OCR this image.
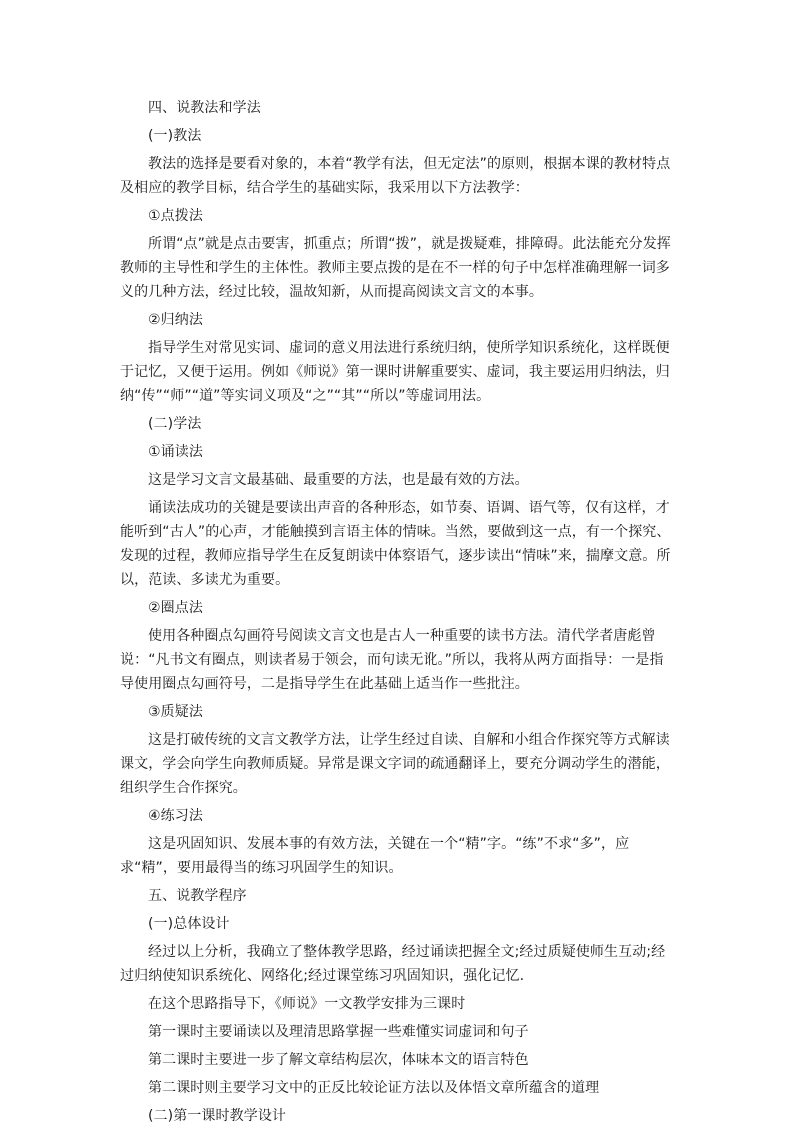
四、说教法和学法

(一)教法

教法的选择是要看对象的，本着“教学有法，但无定法”的原则，根据本课的教材特点及相应的教学目标，结合学生的基础实际，我采用以下方法教学：

①点拨法

所谓“点”就是点击要害，抓重点；所谓“拨”，就是拨疑难，排障碍。此法能充分发挥教师的主导性和学生的主体性。教师主要点拨的是在不一样的句子中怎样准确理解一词多义的几种方法，经过比较，温故知新，从而提高阅读文言文的本事。

②归纳法

指导学生对常见实词、虚词的意义用法进行系统归纳，使所学知识系统化，这样既便于记忆，又便于运用。例如《师说》第一课时讲解重要实、虚词，我主要运用归纳法，归纳“传”“师”“道”等实词义项及“之”“其”“所以”等虚词用法。

(二)学法

①诵读法

这是学习文言文最基础、最重要的方法，也是最有效的方法。

诵读法成功的关键是要读出声音的各种形态，如节奏、语调、语气等，仅有这样，才能听到“古人”的心声，才能触摸到言语主体的情味。当然，要做到这一点，有一个探究、发现的过程，教师应指导学生在反复朗读中体察语气，逐步读出“情味”来，揣摩文意。所以，范读、多读尤为重要。

②圈点法

使用各种圈点勾画符号阅读文言文也是古人一种重要的读书方法。清代学者唐彪曾说：“凡书文有圈点，则读者易于领会，而句读无讹。”所以，我将从两方面指导：一是指导使用圈点勾画符号，二是指导学生在此基础上适当作一些批注。

③质疑法

这是打破传统的文言文教学方法，让学生经过自读、自解和小组合作探究等方式解读课文，学会向学生向教师质疑。异常是课文字词的疏通翻译上，要充分调动学生的潜能，组织学生合作探究。

④练习法

这是巩固知识、发展本事的有效方法，关键在一个“精”字。“练”不求“多”，应求“精”，要用最得当的练习巩固学生的知识。

五、说教学程序

(一)总体设计

经过以上分析，我确立了整体教学思路，经过诵读把握全文;经过质疑使师生互动;经过归纳使知识系统化、网络化;经过课堂练习巩固知识，强化记忆.

在这个思路指导下，《师说》一文教学安排为三课时

第一课时主要诵读以及理清思路掌握一些难懂实词虚词和句子

第二课时主要进一步了解文章结构层次，体味本文的语言特色

第二课时则主要学习文中的正反比较论证方法以及体悟文章所蕴含的道理

(二)第一课时教学设计
